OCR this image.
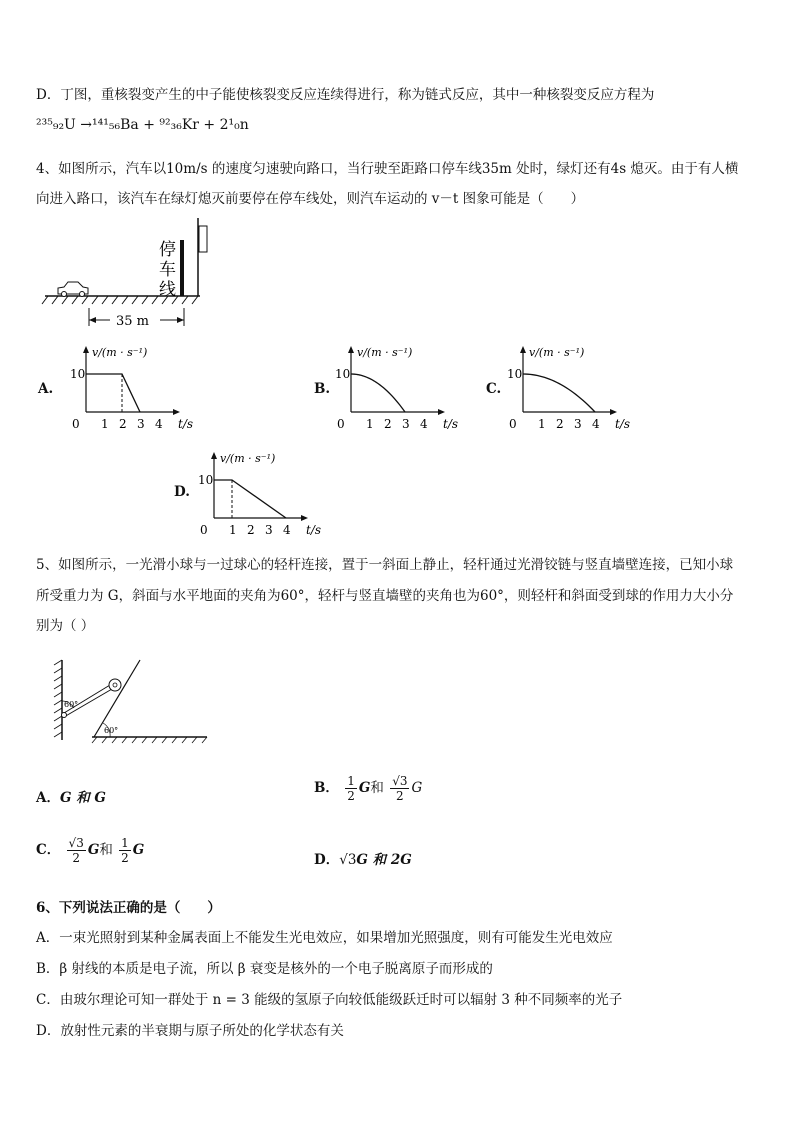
D．丁图，重核裂变产生的中子能使核裂变反应连续得进行，称为链式反应，其中一种核裂变反应方程为
²³⁵₉₂U →¹⁴¹₅₆Ba + ⁹²₃₆Kr + 2¹₀n
4、如图所示，汽车以10m/s 的速度匀速驶向路口，当行驶至距路口停车线35m 处时，绿灯还有4s 熄灭。由于有人横
向进入路口，该汽车在绿灯熄灭前要停在停车线处，则汽车运动的 v－t 图象可能是（　　）
停
车
线
35 m
A.	B.	C.
D.
v/(m · s⁻¹)
t/s
10
0 1 2 3 4
v/(m · s⁻¹)
t/s
10
0 1 2 3 4
v/(m · s⁻¹)
t/s
10
0 1 2 3 4
v/(m · s⁻¹)
t/s
10
0 1 2 3 4
5、如图所示，一光滑小球与一过球心的轻杆连接，置于一斜面上静止，轻杆通过光滑铰链与竖直墙壁连接，已知小球
所受重力为 G，斜面与水平地面的夹角为60°，轻杆与竖直墙壁的夹角也为60°，则轻杆和斜面受到球的作用力大小分
别为（ ）
60°
60°
A．G 和 G
B． $\frac{1}{2}$ G和 $\frac{√3}{2}$ G
C． $\frac{√3}{2}$ G和 $\frac{1}{2}$ G
D．√3G 和 2G
6、下列说法正确的是（　　）
A．一束光照射到某种金属表面上不能发生光电效应，如果增加光照强度，则有可能发生光电效应
B．β 射线的本质是电子流，所以 β 衰变是核外的一个电子脱离原子而形成的
C．由玻尔理论可知一群处于 n = 3 能级的氢原子向较低能级跃迁时可以辐射 3 种不同频率的光子
D．放射性元素的半衰期与原子所处的化学状态有关
